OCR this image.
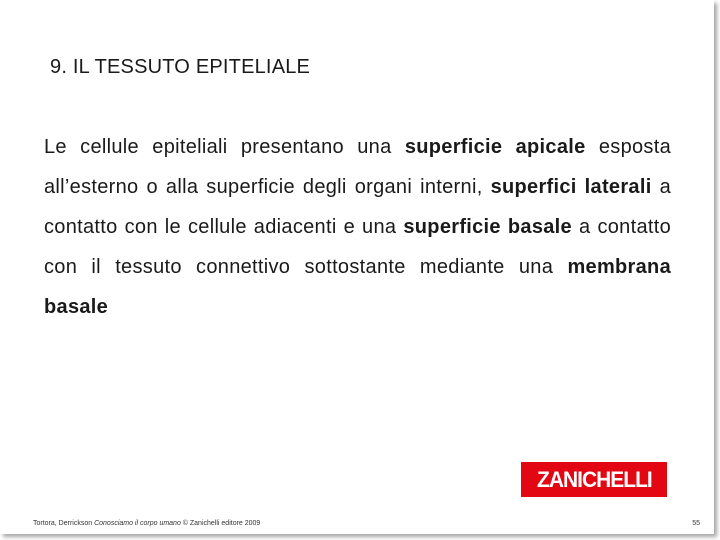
9. IL TESSUTO EPITELIALE
Le cellule epiteliali presentano una superficie apicale esposta all’esterno o alla superficie degli organi interni, superfici laterali a contatto con le cellule adiacenti e una superficie basale a contatto con il tessuto connettivo sottostante mediante una membrana basale
ZANICHELLI
Tortora, Derrickson Conosciamo il corpo umano © Zanichelli editore 2009	55
